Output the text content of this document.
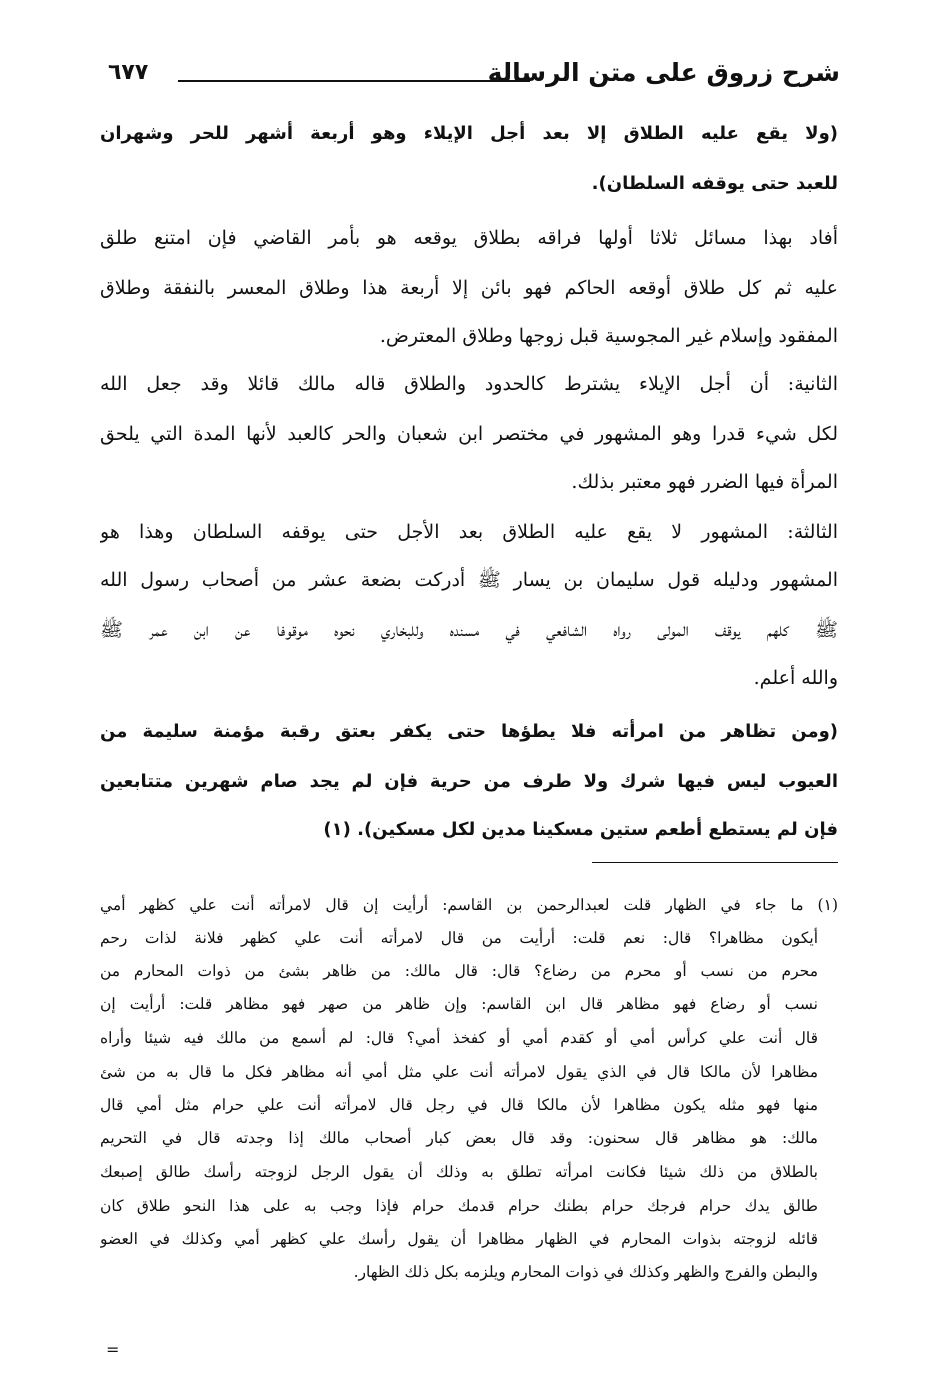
شرح زروق على متن الرسالة
٦٧٧
(ولا يقع عليه الطلاق إلا بعد أجل الإيلاء وهو أربعة أشهر للحر وشهران
للعبد حتى يوقفه السلطان).
أفاد بهذا مسائل ثلاثا أولها فراقه بطلاق يوقعه هو بأمر القاضي فإن امتنع طلق
عليه ثم كل طلاق أوقعه الحاكم فهو بائن إلا أربعة هذا وطلاق المعسر بالنفقة وطلاق
المفقود وإسلام غير المجوسية قبل زوجها وطلاق المعترض.
الثانية: أن أجل الإيلاء يشترط كالحدود والطلاق قاله مالك قائلا وقد جعل الله
لكل شيء قدرا وهو المشهور في مختصر ابن شعبان والحر كالعبد لأنها المدة التي يلحق
المرأة فيها الضرر فهو معتبر بذلك.
الثالثة: المشهور لا يقع عليه الطلاق بعد الأجل حتى يوقفه السلطان وهذا هو
المشهور ودليله قول سليمان بن يسار ﷺ أدركت بضعة عشر من أصحاب رسول الله
ﷺ كلهم يوقف المولى رواه الشافعي في مسنده وللبخاري نحوه موقوفا عن ابن عمر ﷺ
والله أعلم.
(ومن تظاهر من امرأته فلا يطؤها حتى يكفر بعتق رقبة مؤمنة سليمة من
العيوب ليس فيها شرك ولا طرف من حرية فإن لم يجد صام شهرين متتابعين
فإن لم يستطع أطعم ستين مسكينا مدين لكل مسكين). (١)
(١) ما جاء في الظهار قلت لعبدالرحمن بن القاسم: أرأيت إن قال لامرأته أنت علي كظهر أمي
أيكون مظاهرا؟ قال: نعم قلت: أرأيت من قال لامرأته أنت علي كظهر فلانة لذات رحم
محرم من نسب أو محرم من رضاع؟ قال: قال مالك: من ظاهر بشئ من ذوات المحارم من
نسب أو رضاع فهو مظاهر قال ابن القاسم: وإن ظاهر من صهر فهو مظاهر قلت: أرأيت إن
قال أنت علي كرأس أمي أو كقدم أمي أو كفخذ أمي؟ قال: لم أسمع من مالك فيه شيئا وأراه
مظاهرا لأن مالكا قال في الذي يقول لامرأته أنت علي مثل أمي أنه مظاهر فكل ما قال به من شئ
منها فهو مثله يكون مظاهرا لأن مالكا قال في رجل قال لامرأته أنت علي حرام مثل أمي قال
مالك: هو مظاهر قال سحنون: وقد قال بعض كبار أصحاب مالك إذا وجدته قال في التحريم
بالطلاق من ذلك شيئا فكانت امرأته تطلق به وذلك أن يقول الرجل لزوجته رأسك طالق إصبعك
طالق يدك حرام فرجك حرام بطنك حرام قدمك حرام فإذا وجب به على هذا النحو طلاق كان
قائله لزوجته بذوات المحارم في الظهار مظاهرا أن يقول رأسك علي كظهر أمي وكذلك في العضو
والبطن والفرج والظهر وكذلك في ذوات المحارم ويلزمه بكل ذلك الظهار.
=
